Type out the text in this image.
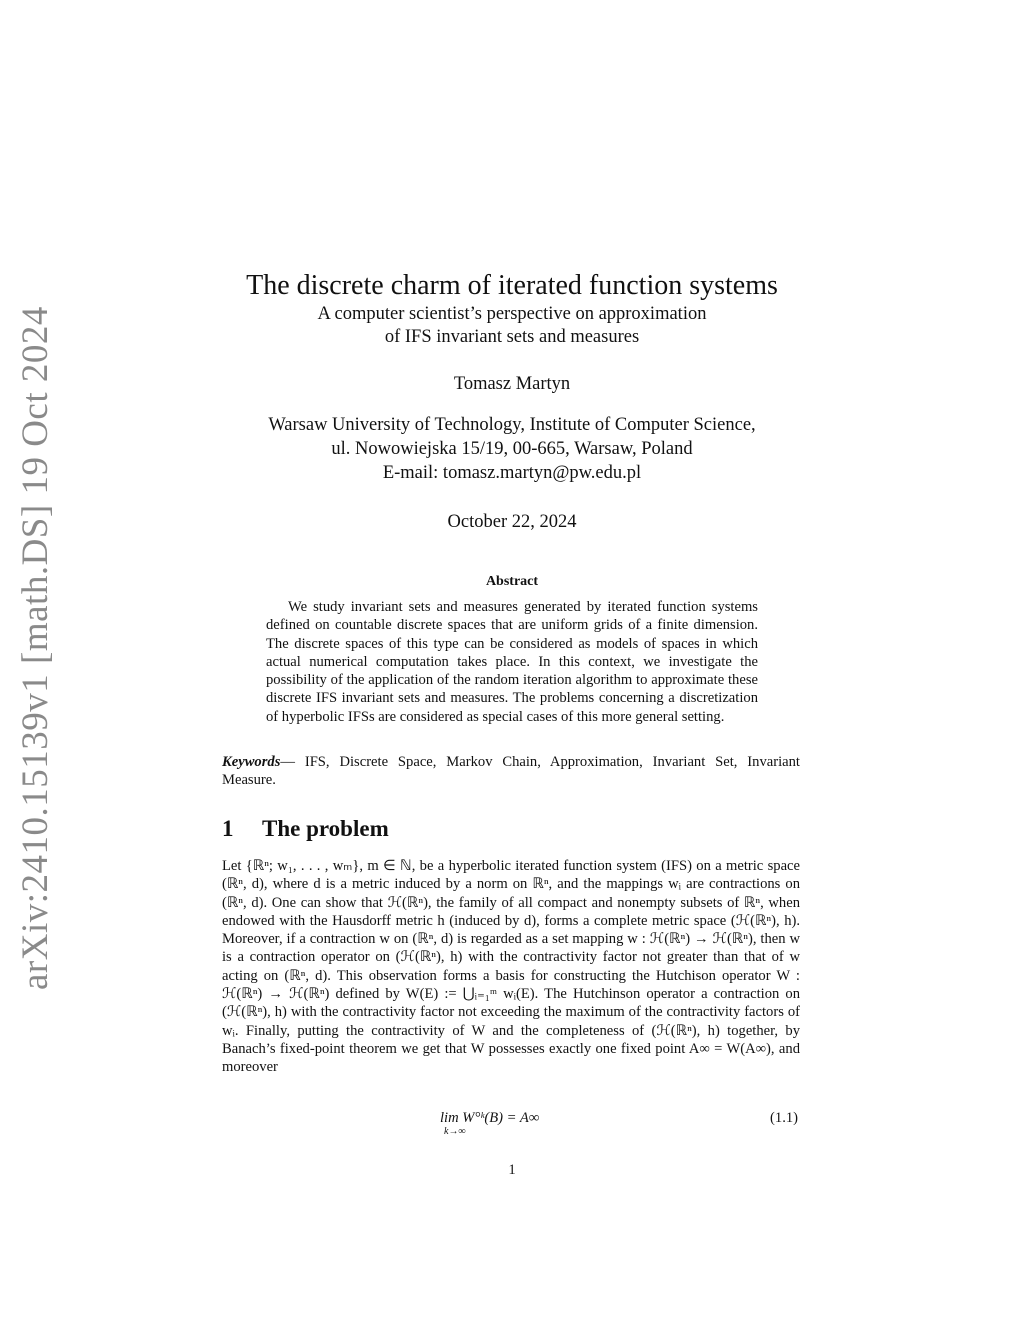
arXiv:2410.15139v1 [math.DS] 19 Oct 2024
The discrete charm of iterated function systems
A computer scientist’s perspective on approximation
of IFS invariant sets and measures
Tomasz Martyn
Warsaw University of Technology, Institute of Computer Science,
ul. Nowowiejska 15/19, 00-665, Warsaw, Poland
E-mail: tomasz.martyn@pw.edu.pl
October 22, 2024
Abstract
We study invariant sets and measures generated by iterated function systems defined on countable discrete spaces that are uniform grids of a finite dimension. The discrete spaces of this type can be considered as models of spaces in which actual numerical computation takes place. In this context, we investigate the possibility of the application of the random iteration algorithm to approximate these discrete IFS invariant sets and measures. The problems concerning a discretization of hyperbolic IFSs are considered as special cases of this more general setting.
Keywords— IFS, Discrete Space, Markov Chain, Approximation, Invariant Set, Invariant Measure.
1 The problem
Let {ℝⁿ; w₁, . . . , wₘ}, m ∈ ℕ, be a hyperbolic iterated function system (IFS) on a metric space (ℝⁿ, d), where d is a metric induced by a norm on ℝⁿ, and the mappings wᵢ are contractions on (ℝⁿ, d). One can show that ℋ(ℝⁿ), the family of all compact and nonempty subsets of ℝⁿ, when endowed with the Hausdorff metric h (induced by d), forms a complete metric space (ℋ(ℝⁿ), h). Moreover, if a contraction w on (ℝⁿ, d) is regarded as a set mapping w : ℋ(ℝⁿ) → ℋ(ℝⁿ), then w is a contraction operator on (ℋ(ℝⁿ), h) with the contractivity factor not greater than that of w acting on (ℝⁿ, d). This observation forms a basis for constructing the Hutchison operator W : ℋ(ℝⁿ) → ℋ(ℝⁿ) defined by W(E) := ⋃ᵢ₌₁ᵐ wᵢ(E). The Hutchinson operator a contraction on (ℋ(ℝⁿ), h) with the contractivity factor not exceeding the maximum of the contractivity factors of wᵢ. Finally, putting the contractivity of W and the completeness of (ℋ(ℝⁿ), h) together, by Banach’s fixed-point theorem we get that W possesses exactly one fixed point A∞ = W(A∞), and moreover
lim W°ᵏ(B) = A∞
k→∞
(1.1)
1
